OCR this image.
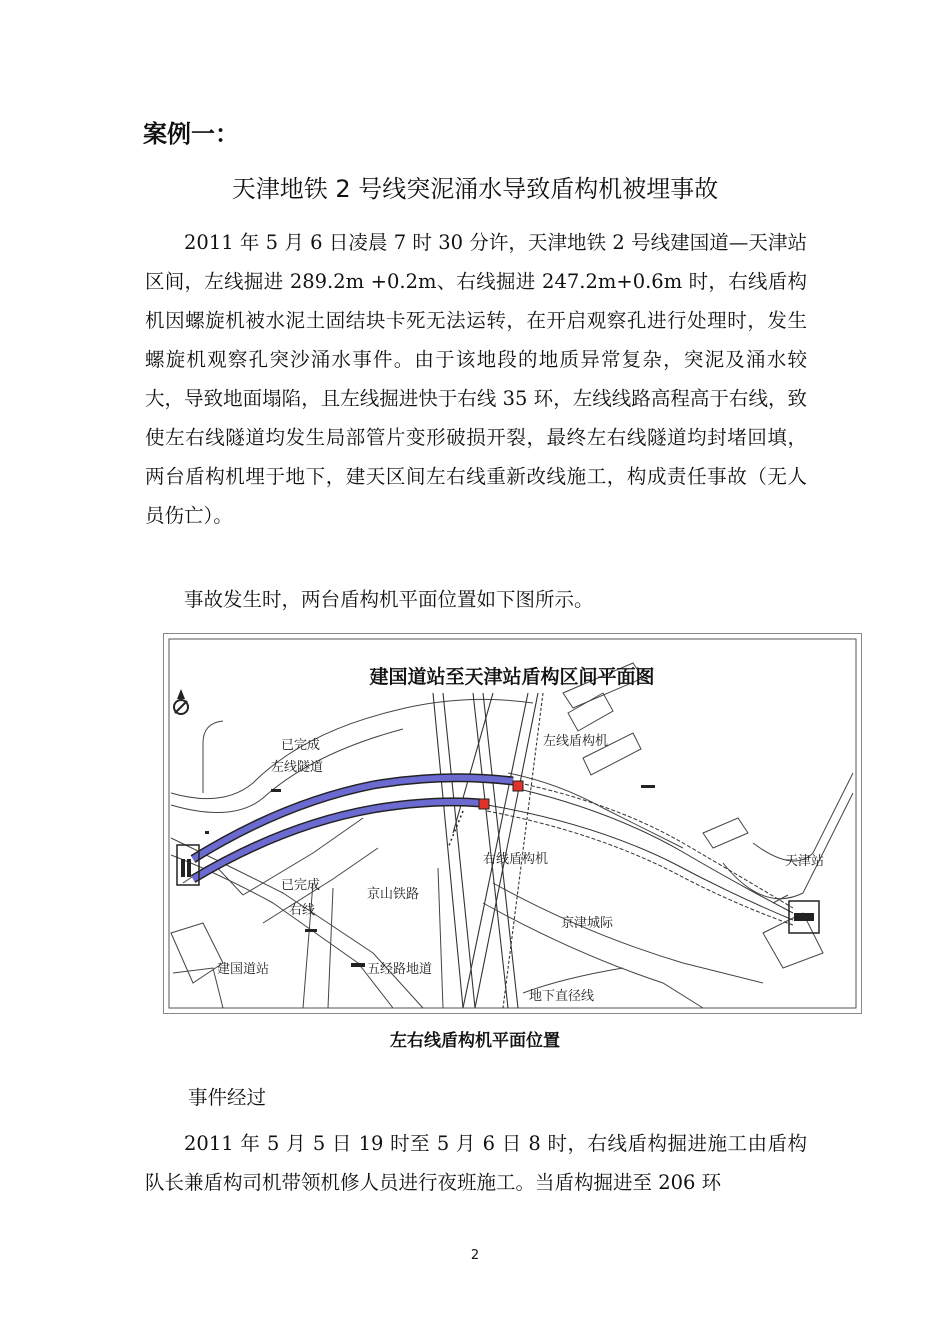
案例一：
天津地铁 2 号线突泥涌水导致盾构机被埋事故

2011 年 5 月 6 日凌晨 7 时 30 分许，天津地铁 2 号线建国道—天津站区间，左线掘进 289.2m +0.2m、右线掘进 247.2m+0.6m 时，右线盾构机因螺旋机被水泥土固结块卡死无法运转，在开启观察孔进行处理时，发生螺旋机观察孔突沙涌水事件。由于该地段的地质异常复杂，突泥及涌水较大，导致地面塌陷，且左线掘进快于右线 35 环，左线线路高程高于右线，致使左右线隧道均发生局部管片变形破损开裂，最终左右线隧道均封堵回填，两台盾构机埋于地下，建天区间左右线重新改线施工，构成责任事故（无人员伤亡）。

事故发生时，两台盾构机平面位置如下图所示。

建国道站至天津站盾构区间平面图
已完成
左线隧道
左线盾构机
天津站
右线盾构机
已完成
右线
京山铁路
京津城际
建国道站	五经路地道
地下直径线
左右线盾构机平面位置
事件经过

2011 年 5 月 5 日 19 时至 5 月 6 日 8 时，右线盾构掘进施工由盾构队长兼盾构司机带领机修人员进行夜班施工。当盾构掘进至 206 环

2
